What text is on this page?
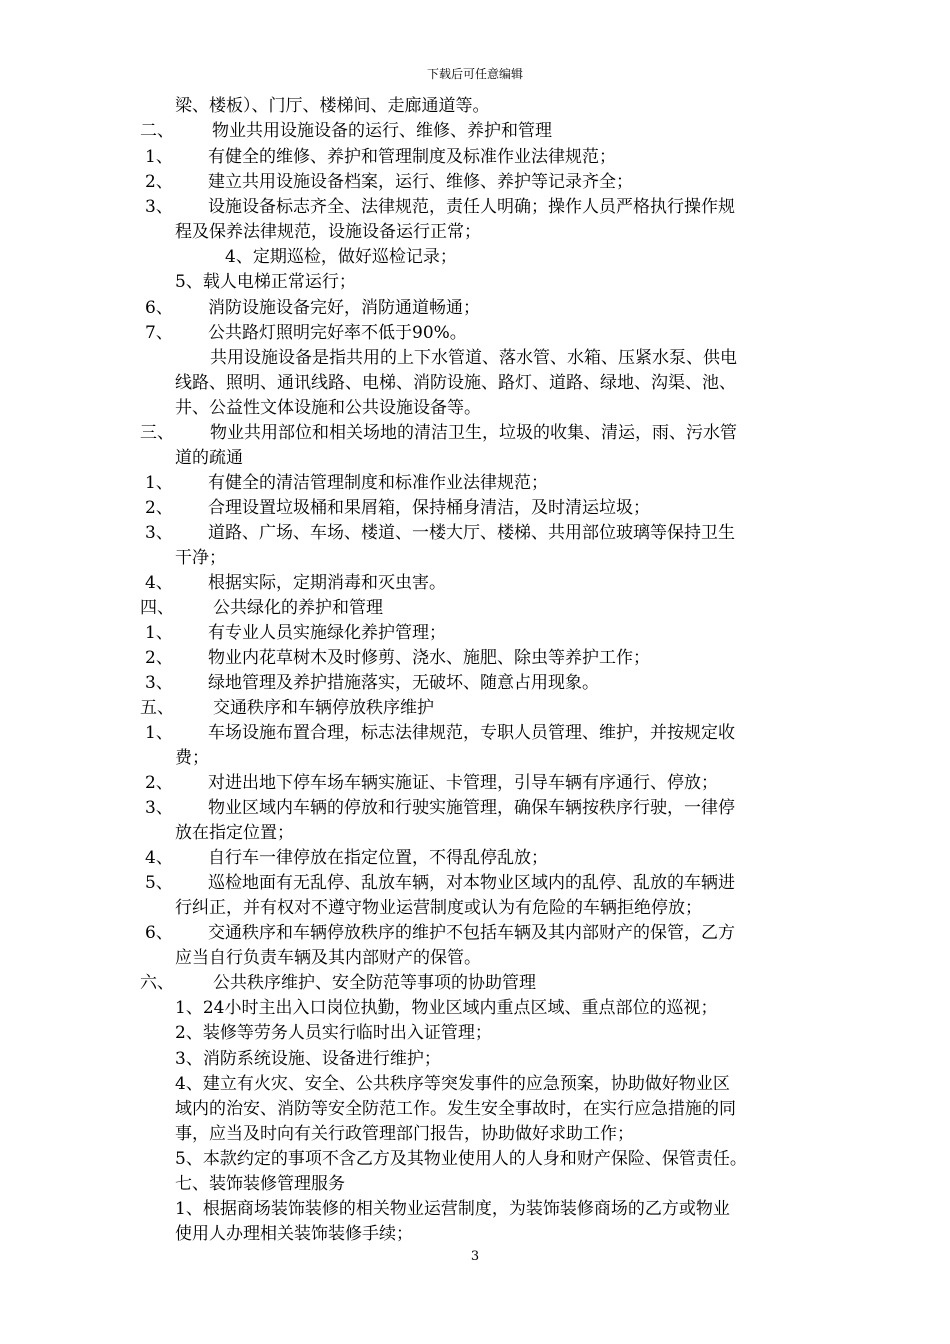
下载后可任意编辑
梁、楼板）、门厅、楼梯间、走廊通道等。
二、 物业共用设施设备的运行、维修、养护和管理
1、 有健全的维修、养护和管理制度及标准作业法律规范；
2、 建立共用设施设备档案，运行、维修、养护等记录齐全；
3、 设施设备标志齐全、法律规范，责任人明确；操作人员严格执行操作规
程及保养法律规范，设施设备运行正常；
4、定期巡检，做好巡检记录；
5、载人电梯正常运行；
6、 消防设施设备完好，消防通道畅通；
7、 公共路灯照明完好率不低于90%。
共用设施设备是指共用的上下水管道、落水管、水箱、压紧水泵、供电
线路、照明、通讯线路、电梯、消防设施、路灯、道路、绿地、沟渠、池、
井、公益性文体设施和公共设施设备等。
三、 物业共用部位和相关场地的清洁卫生，垃圾的收集、清运，雨、污水管
道的疏通
1、 有健全的清洁管理制度和标准作业法律规范；
2、 合理设置垃圾桶和果屑箱，保持桶身清洁，及时清运垃圾；
3、 道路、广场、车场、楼道、一楼大厅、楼梯、共用部位玻璃等保持卫生
干净；
4、 根据实际，定期消毒和灭虫害。
四、 公共绿化的养护和管理
1、 有专业人员实施绿化养护管理；
2、 物业内花草树木及时修剪、浇水、施肥、除虫等养护工作；
3、 绿地管理及养护措施落实，无破坏、随意占用现象。
五、 交通秩序和车辆停放秩序维护
1、 车场设施布置合理，标志法律规范，专职人员管理、维护，并按规定收
费；
2、 对进出地下停车场车辆实施证、卡管理，引导车辆有序通行、停放；
3、 物业区域内车辆的停放和行驶实施管理，确保车辆按秩序行驶，一律停
放在指定位置；
4、 自行车一律停放在指定位置，不得乱停乱放；
5、 巡检地面有无乱停、乱放车辆，对本物业区域内的乱停、乱放的车辆进
行纠正，并有权对不遵守物业运营制度或认为有危险的车辆拒绝停放；
6、 交通秩序和车辆停放秩序的维护不包括车辆及其内部财产的保管，乙方
应当自行负责车辆及其内部财产的保管。
六、 公共秩序维护、安全防范等事项的协助管理
1、24小时主出入口岗位执勤，物业区域内重点区域、重点部位的巡视；
2、装修等劳务人员实行临时出入证管理；
3、消防系统设施、设备进行维护；
4、建立有火灾、安全、公共秩序等突发事件的应急预案，协助做好物业区
域内的治安、消防等安全防范工作。发生安全事故时，在实行应急措施的同
事，应当及时向有关行政管理部门报告，协助做好求助工作；
5、本款约定的事项不含乙方及其物业使用人的人身和财产保险、保管责任。
七、装饰装修管理服务
1、根据商场装饰装修的相关物业运营制度，为装饰装修商场的乙方或物业
使用人办理相关装饰装修手续；
3
